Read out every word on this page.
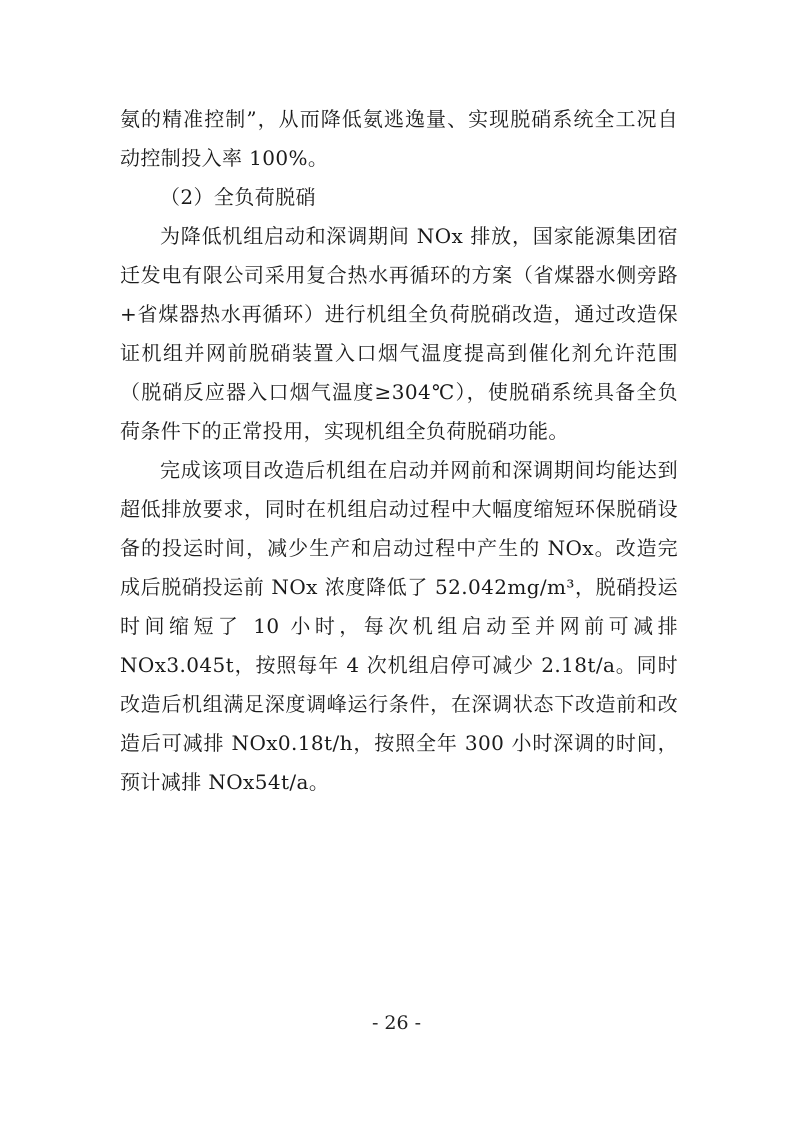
氨的精准控制”，从而降低氨逃逸量、实现脱硝系统全工况自动控制投入率 100%。

（2）全负荷脱硝

为降低机组启动和深调期间 NOx 排放，国家能源集团宿迁发电有限公司采用复合热水再循环的方案（省煤器水侧旁路+省煤器热水再循环）进行机组全负荷脱硝改造，通过改造保证机组并网前脱硝装置入口烟气温度提高到催化剂允许范围（脱硝反应器入口烟气温度≥304℃），使脱硝系统具备全负荷条件下的正常投用，实现机组全负荷脱硝功能。

完成该项目改造后机组在启动并网前和深调期间均能达到超低排放要求，同时在机组启动过程中大幅度缩短环保脱硝设备的投运时间，减少生产和启动过程中产生的 NOx。改造完成后脱硝投运前 NOx 浓度降低了 52.042mg/m³，脱硝投运时间缩短了 10 小时，每次机组启动至并网前可减排 NOx3.045t，按照每年 4 次机组启停可减少 2.18t/a。同时改造后机组满足深度调峰运行条件，在深调状态下改造前和改造后可减排 NOx0.18t/h，按照全年 300 小时深调的时间，预计减排 NOx54t/a。

- 26 -
